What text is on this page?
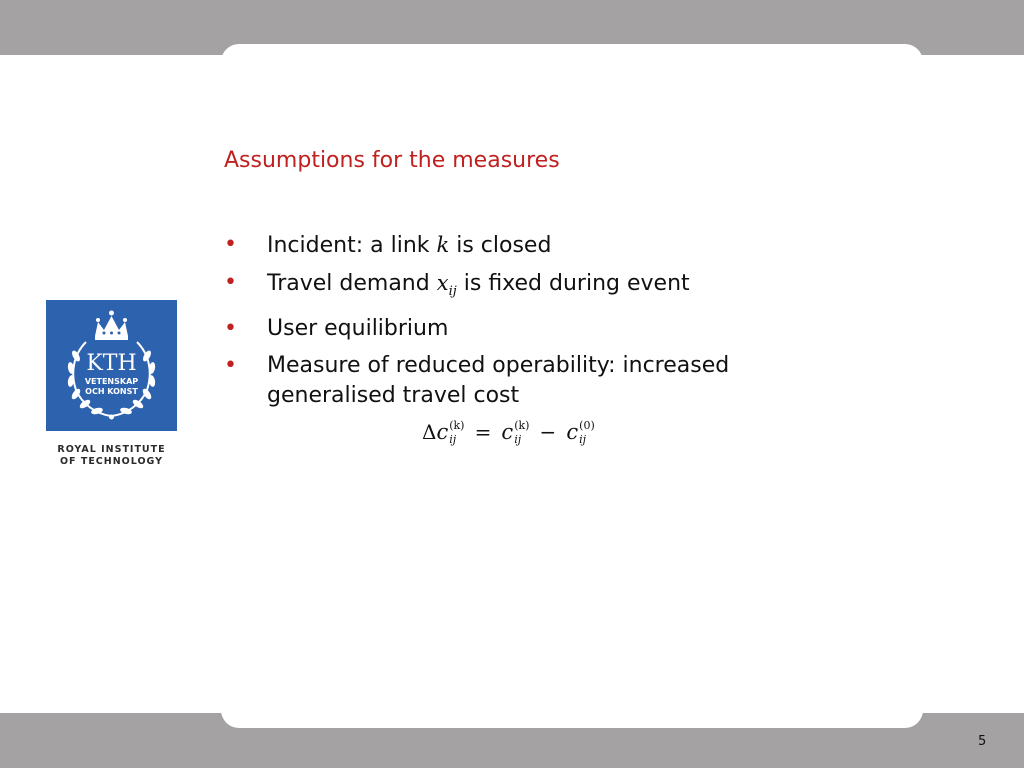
Assumptions for the measures
• Incident: a link k is closed
• Travel demand $x_{ij}$ is fixed during event
• User equilibrium
• Measure of reduced operability: increased generalised travel cost
Δc (k)
ij = c (k)
ij − c (0)
ij
KTH
VETENSKAP
OCH KONST
ROYAL INSTITUTE
OF TECHNOLOGY
5
